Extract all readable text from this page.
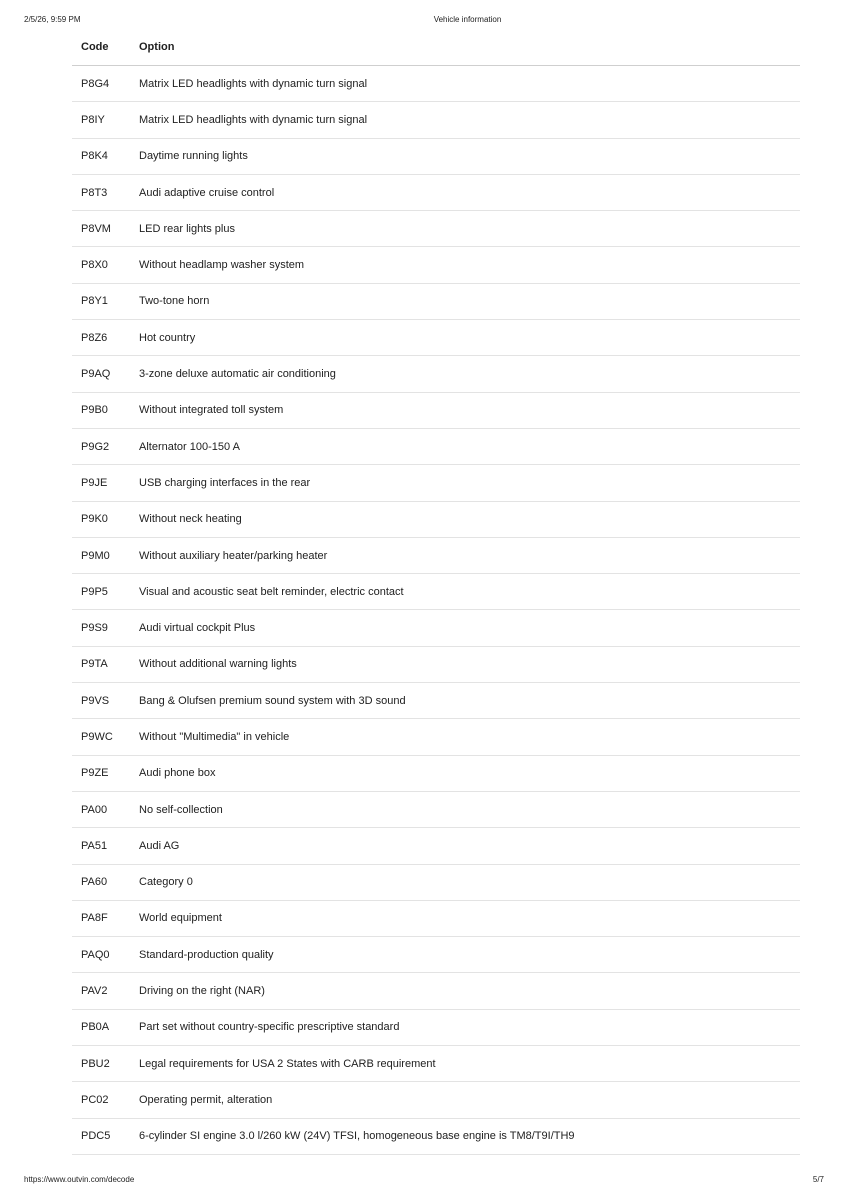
2/5/26, 9:59 PM	Vehicle information
Code	Option
P8G4	Matrix LED headlights with dynamic turn signal
P8IY	Matrix LED headlights with dynamic turn signal
P8K4	Daytime running lights
P8T3	Audi adaptive cruise control
P8VM	LED rear lights plus
P8X0	Without headlamp washer system
P8Y1	Two-tone horn
P8Z6	Hot country
P9AQ	3-zone deluxe automatic air conditioning
P9B0	Without integrated toll system
P9G2	Alternator 100-150 A
P9JE	USB charging interfaces in the rear
P9K0	Without neck heating
P9M0	Without auxiliary heater/parking heater
P9P5	Visual and acoustic seat belt reminder, electric contact
P9S9	Audi virtual cockpit Plus
P9TA	Without additional warning lights
P9VS	Bang & Olufsen premium sound system with 3D sound
P9WC	Without "Multimedia" in vehicle
P9ZE	Audi phone box
PA00	No self-collection
PA51	Audi AG
PA60	Category 0
PA8F	World equipment
PAQ0	Standard-production quality
PAV2	Driving on the right (NAR)
PB0A	Part set without country-specific prescriptive standard
PBU2	Legal requirements for USA 2 States with CARB requirement
PC02	Operating permit, alteration
PDC5	6-cylinder SI engine 3.0 l/260 kW (24V) TFSI, homogeneous base engine is TM8/T9I/TH9
https://www.outvin.com/decode	5/7
